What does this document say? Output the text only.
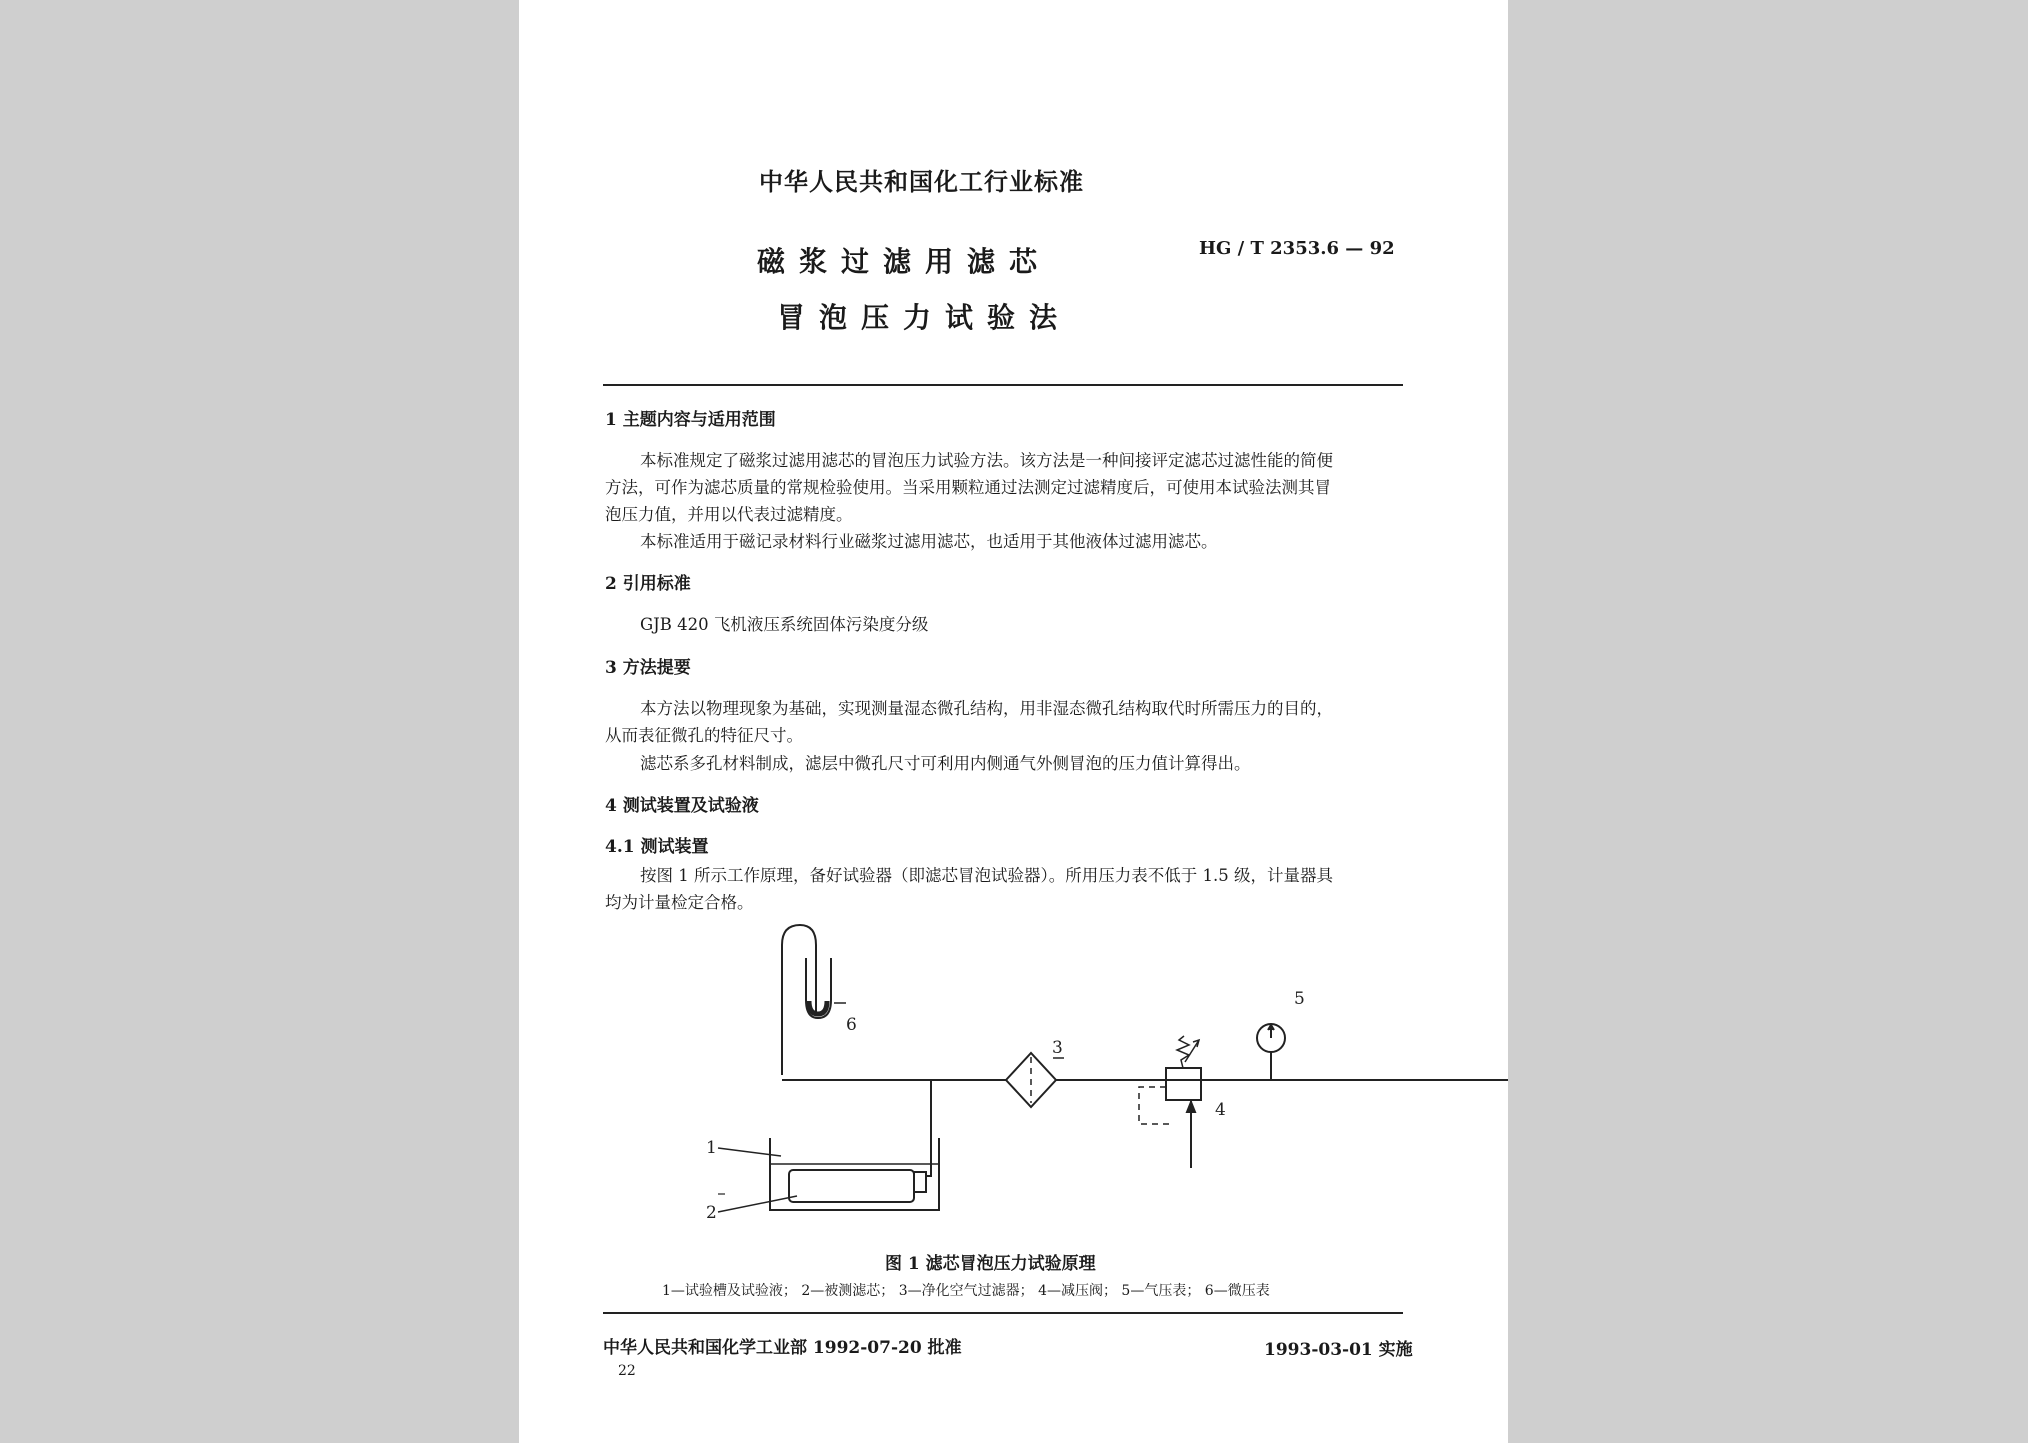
中华人民共和国化工行业标准
磁浆过滤用滤芯
冒泡压力试验法
HG / T 2353.6 — 92
1 主题内容与适用范围
本标准规定了磁浆过滤用滤芯的冒泡压力试验方法。该方法是一种间接评定滤芯过滤性能的简便
方法，可作为滤芯质量的常规检验使用。当采用颗粒通过法测定过滤精度后，可使用本试验法测其冒
泡压力值，并用以代表过滤精度。
本标准适用于磁记录材料行业磁浆过滤用滤芯，也适用于其他液体过滤用滤芯。
2 引用标准
GJB 420 飞机液压系统固体污染度分级
3 方法提要
本方法以物理现象为基础，实现测量湿态微孔结构，用非湿态微孔结构取代时所需压力的目的，
从而表征微孔的特征尺寸。
滤芯系多孔材料制成，滤层中微孔尺寸可利用内侧通气外侧冒泡的压力值计算得出。
4 测试装置及试验液
4.1 测试装置
按图 1 所示工作原理，备好试验器（即滤芯冒泡试验器）。所用压力表不低于 1.5 级，计量器具
均为计量检定合格。
6
3
4
5
1
2
图 1 滤芯冒泡压力试验原理
1—试验槽及试验液； 2—被测滤芯； 3—净化空气过滤器； 4—减压阀； 5—气压表； 6—微压表
中华人民共和国化学工业部 1992-07-20 批准	1993-03-01 实施
22
